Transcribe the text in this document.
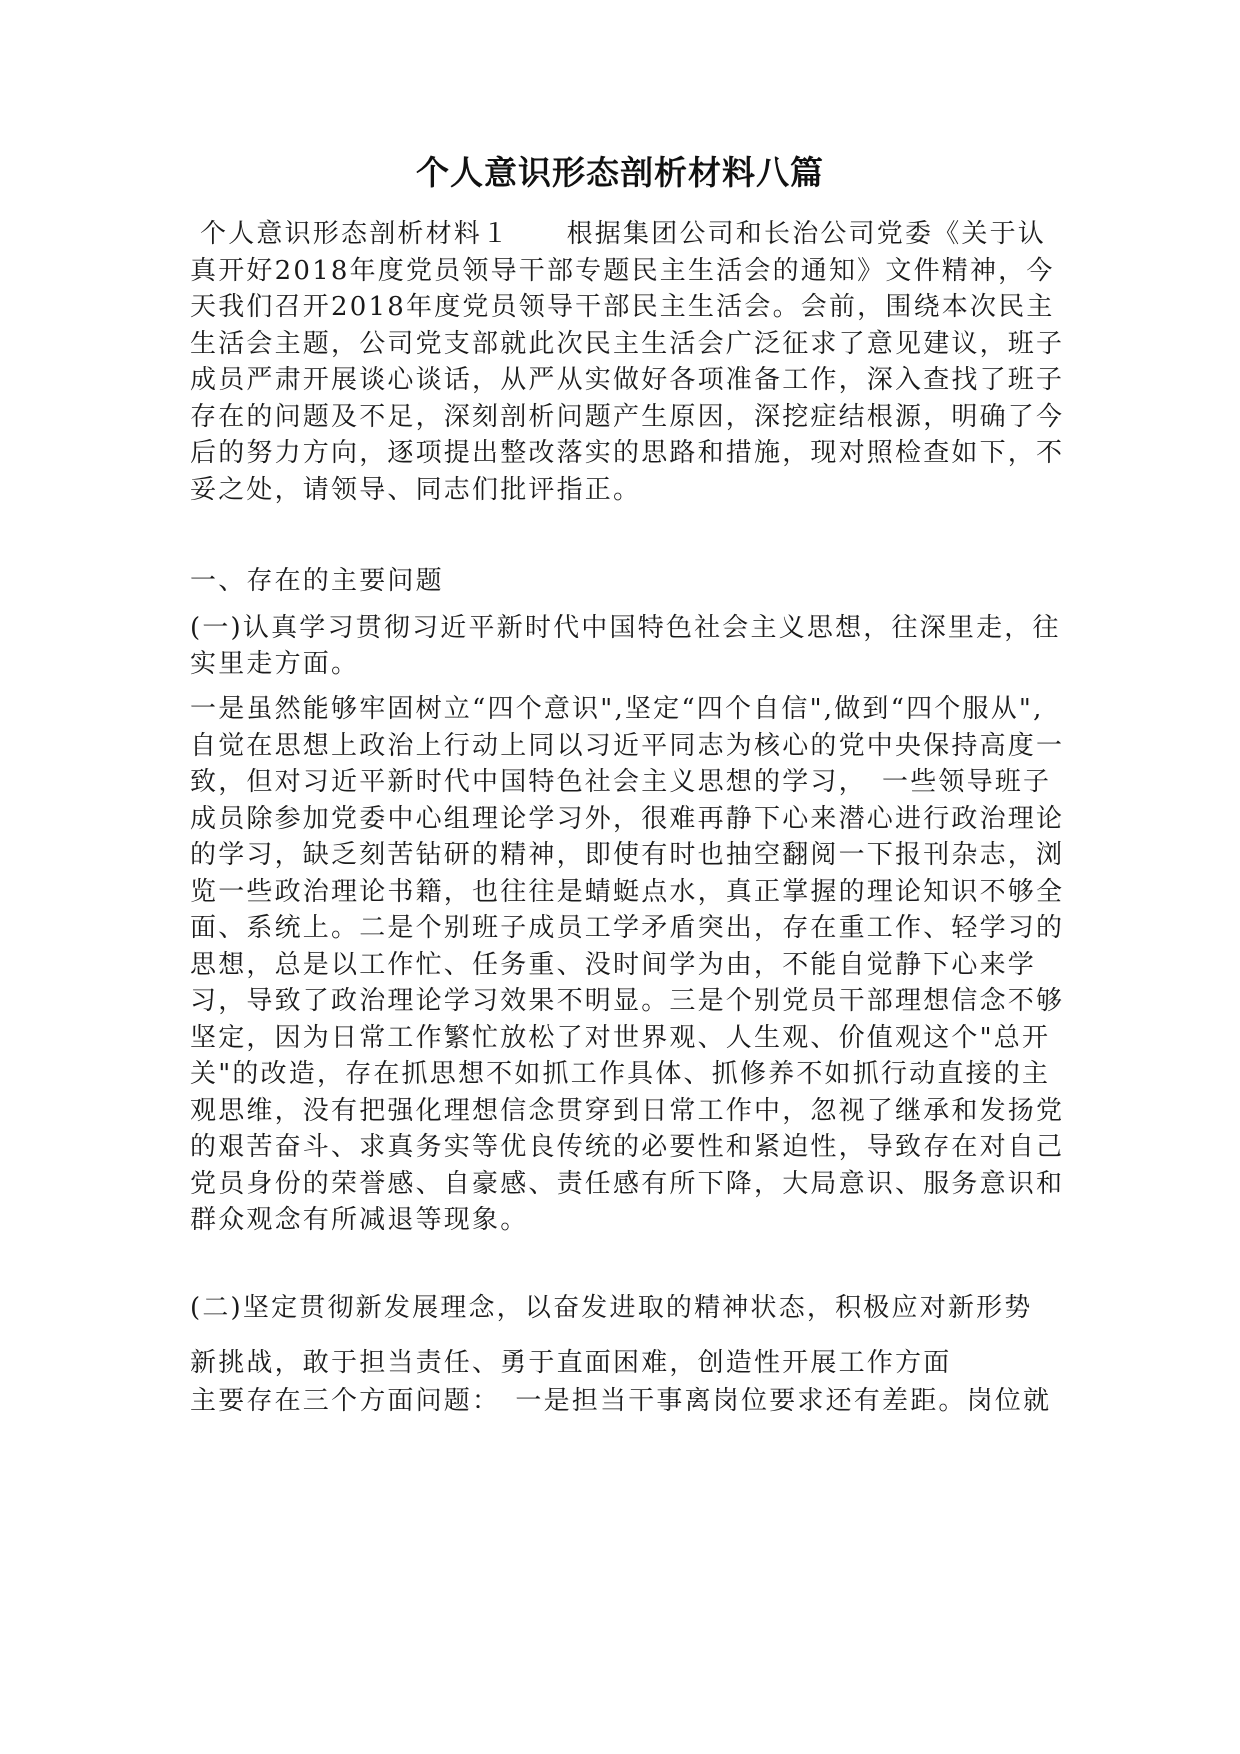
个人意识形态剖析材料八篇
个人意识形态剖析材料１　　根据集团公司和长治公司党委《关于认真开好2018年度党员领导干部专题民主生活会的通知》文件精神，今天我们召开2018年度党员领导干部民主生活会。会前，围绕本次民主生活会主题，公司党支部就此次民主生活会广泛征求了意见建议，班子成员严肃开展谈心谈话，从严从实做好各项准备工作，深入查找了班子存在的问题及不足，深刻剖析问题产生原因，深挖症结根源，明确了今后的努力方向，逐项提出整改落实的思路和措施，现对照检查如下，不妥之处，请领导、同志们批评指正。
一、存在的主要问题
(一)认真学习贯彻习近平新时代中国特色社会主义思想，往深里走，往实里走方面。
一是虽然能够牢固树立“四个意识",坚定“四个自信",做到“四个服从",自觉在思想上政治上行动上同以习近平同志为核心的党中央保持高度一致，但对习近平新时代中国特色社会主义思想的学习，　一些领导班子成员除参加党委中心组理论学习外，很难再静下心来潜心进行政治理论的学习，缺乏刻苦钻研的精神，即使有时也抽空翻阅一下报刊杂志，浏览一些政治理论书籍，也往往是蜻蜓点水，真正掌握的理论知识不够全面、系统上。二是个别班子成员工学矛盾突出，存在重工作、轻学习的思想，总是以工作忙、任务重、没时间学为由，不能自觉静下心来学习，导致了政治理论学习效果不明显。三是个别党员干部理想信念不够坚定，因为日常工作繁忙放松了对世界观、人生观、价值观这个"总开关"的改造，存在抓思想不如抓工作具体、抓修养不如抓行动直接的主观思维，没有把强化理想信念贯穿到日常工作中，忽视了继承和发扬党的艰苦奋斗、求真务实等优良传统的必要性和紧迫性，导致存在对自己党员身份的荣誉感、自豪感、责任感有所下降，大局意识、服务意识和群众观念有所减退等现象。
(二)坚定贯彻新发展理念，以奋发进取的精神状态，积极应对新形势
新挑战，敢于担当责任、勇于直面困难，创造性开展工作方面
主要存在三个方面问题：　一是担当干事离岗位要求还有差距。岗位就
